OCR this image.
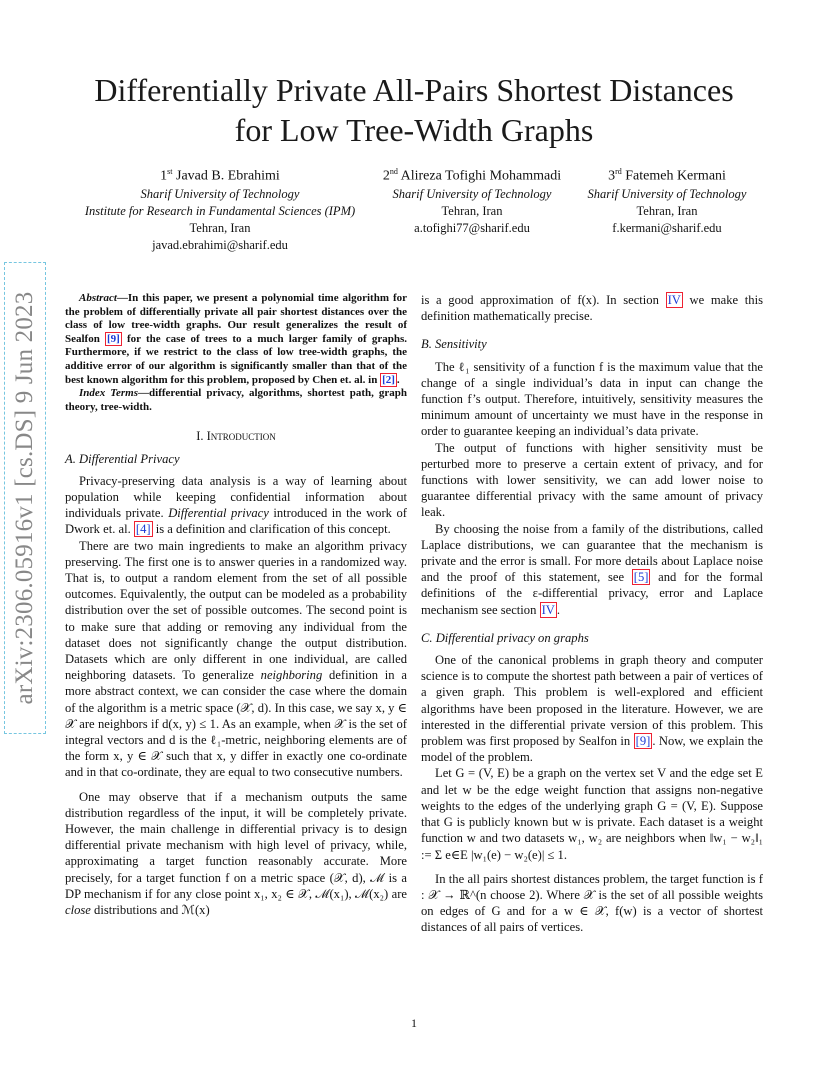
Differentially Private All-Pairs Shortest Distances
for Low Tree-Width Graphs
1st Javad B. Ebrahimi
Sharif University of Technology
Institute for Research in Fundamental Sciences (IPM)
Tehran, Iran
javad.ebrahimi@sharif.edu
2nd Alireza Tofighi Mohammadi
Sharif University of Technology
Tehran, Iran
a.tofighi77@sharif.edu
3rd Fatemeh Kermani
Sharif University of Technology
Tehran, Iran
f.kermani@sharif.edu
arXiv:2306.05916v1 [cs.DS] 9 Jun 2023	Abstract—In this paper, we present a polynomial time algorithm for the problem of differentially private all pair shortest distances over the class of low tree-width graphs. Our result generalizes the result of Sealfon [9] for the case of trees to a much larger family of graphs. Furthermore, if we restrict to the class of low tree-width graphs, the additive error of our algorithm is significantly smaller than that of the best known algorithm for this problem, proposed by Chen et. al. in [2] .

Index Terms—differential privacy, algorithms, shortest path, graph theory, tree-width.

I. Introduction
A. Differential Privacy

Privacy-preserving data analysis is a way of learning about population while keeping confidential information about individuals private. Differential privacy introduced in the work of Dwork et. al. [4] is a definition and clarification of this concept.

There are two main ingredients to make an algorithm privacy preserving. The first one is to answer queries in a randomized way. That is, to output a random element from the set of all possible outcomes. Equivalently, the output can be modeled as a probability distribution over the set of possible outcomes. The second point is to make sure that adding or removing any individual from the dataset does not significantly change the output distribution. Datasets which are only different in one individual, are called neighboring datasets. To generalize neighboring definition in a more abstract context, we can consider the case where the domain of the algorithm is a metric space (𝒳, d). In this case, we say x, y ∈ 𝒳 are neighbors if d(x, y) ≤ 1. As an example, when 𝒳 is the set of integral vectors and d is the ℓ₁-metric, neighboring elements are of the form x, y ∈ 𝒳 such that x, y differ in exactly one co-ordinate and in that co-ordinate, they are equal to two consecutive numbers.

One may observe that if a mechanism outputs the same distribution regardless of the input, it will be completely private. However, the main challenge in differential privacy is to design differential private mechanism with high level of privacy, while, approximating a target function reasonably accurate. More precisely, for a target function f on a metric space (𝒳, d), ℳ is a DP mechanism if for any close point x₁, x₂ ∈ 𝒳, ℳ(x₁), ℳ(x₂) are close distributions and ℳ(x)

is a good approximation of f(x). In section IV we make this definition mathematically precise.

B. Sensitivity

The ℓ₁ sensitivity of a function f is the maximum value that the change of a single individual’s data in input can change the function f’s output. Therefore, intuitively, sensitivity measures the minimum amount of uncertainty we must have in the response in order to guarantee keeping an individual’s data private.

The output of functions with higher sensitivity must be perturbed more to preserve a certain extent of privacy, and for functions with lower sensitivity, we can add lower noise to guarantee differential privacy with the same amount of privacy leak.

By choosing the noise from a family of the distributions, called Laplace distributions, we can guarantee that the mechanism is private and the error is small. For more details about Laplace noise and the proof of this statement, see [5] and for the formal definitions of the ε-differential privacy, error and Laplace mechanism see section IV .

C. Differential privacy on graphs

One of the canonical problems in graph theory and computer science is to compute the shortest path between a pair of vertices of a given graph. This problem is well-explored and efficient algorithms have been proposed in the literature. However, we are interested in the differential private version of this problem. This problem was first proposed by Sealfon in [9] . Now, we explain the model of the problem.

Let G = (V, E) be a graph on the vertex set V and the edge set E and let w be the edge weight function that assigns non-negative weights to the edges of the underlying graph G = (V, E). Suppose that G is publicly known but w is private. Each dataset is a weight function w and two datasets w₁, w₂ are neighbors when ‖w₁ − w₂‖₁ := Σ e∈E |w₁(e) − w₂(e)| ≤ 1.

In the all pairs shortest distances problem, the target function is f : 𝒳 → ℝ^(n choose 2). Where 𝒳 is the set of all possible weights on edges of G and for a w ∈ 𝒳, f(w) is a vector of shortest distances of all pairs of vertices.

1
